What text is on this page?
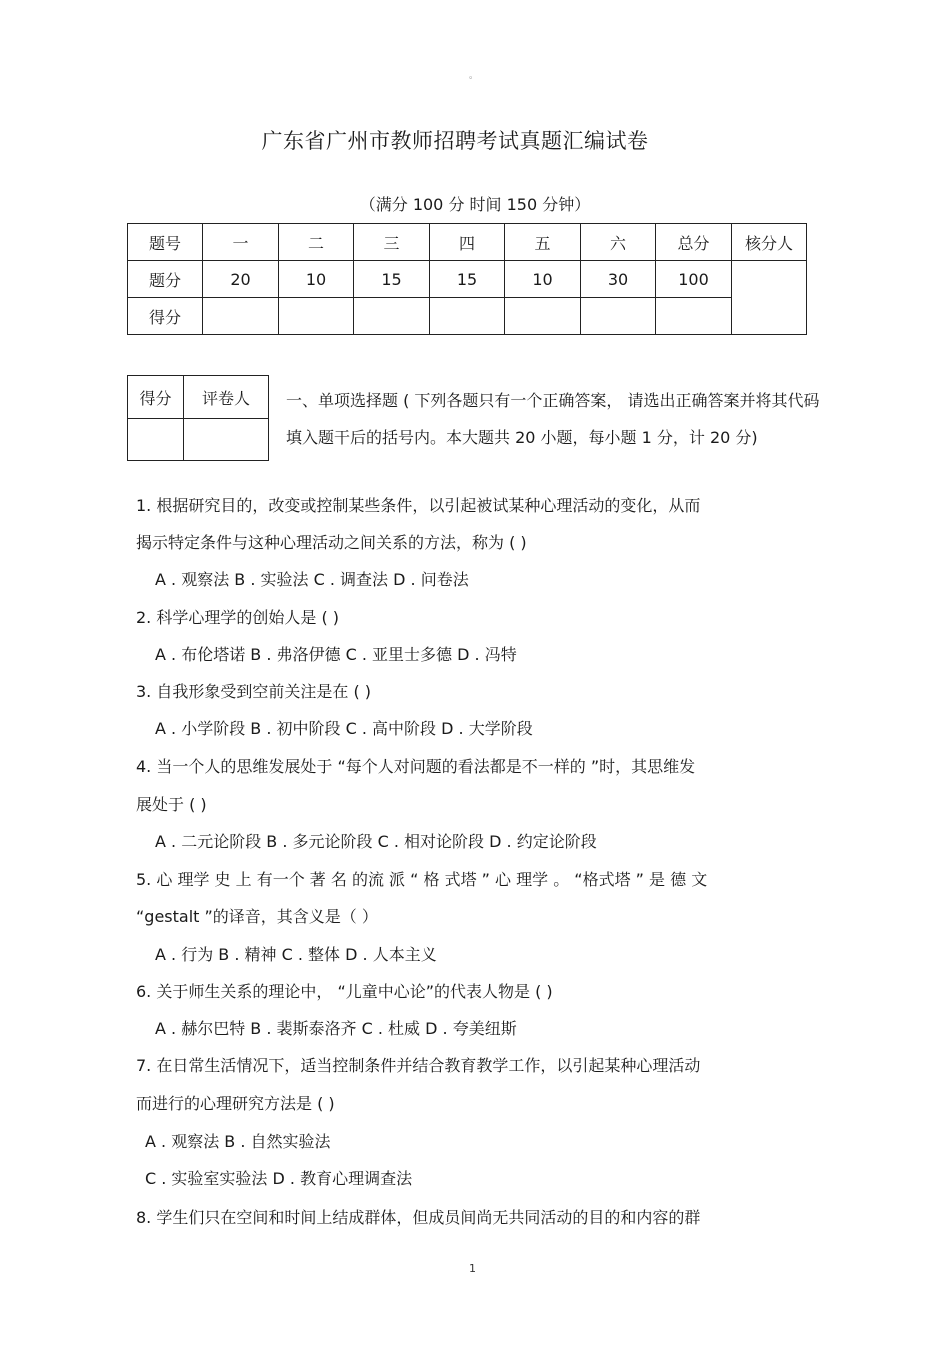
。
广东省广州市教师招聘考试真题汇编试卷
（满分 100 分 时间 150 分钟）
题号	一	二	三	四	五	六	总分	核分人
题分	20	10	15	15	10	30	100	
得分								
得分	评卷人
	一、单项选择题 ( 下列各题只有一个正确答案， 请选出正确答案并将其代码填入题干后的括号内。本大题共 20 小题，每小题 1 分，计 20 分)
1. 根据研究目的，改变或控制某些条件，以引起被试某种心理活动的变化，从而
揭示特定条件与这种心理活动之间关系的方法，称为 ( )
A . 观察法 B . 实验法 C . 调查法 D . 问卷法
2. 科学心理学的创始人是 ( )
A . 布伦塔诺 B . 弗洛伊德 C . 亚里士多德 D . 冯特
3. 自我形象受到空前关注是在 ( )
A . 小学阶段 B . 初中阶段 C . 高中阶段 D . 大学阶段
4. 当一个人的思维发展处于 “每个人对问题的看法都是不一样的 ”时，其思维发
展处于 ( )
A . 二元论阶段 B . 多元论阶段 C . 相对论阶段 D . 约定论阶段
5. 心 理学 史 上 有一个 著 名 的流 派 “ 格 式塔 ” 心 理学 。 “格式塔 ” 是 德 文
“gestalt ”的译音，其含义是（ ）
A . 行为 B . 精神 C . 整体 D . 人本主义
6. 关于师生关系的理论中， “儿童中心论”的代表人物是 ( )
A . 赫尔巴特 B . 裴斯泰洛齐 C . 杜威 D . 夸美纽斯
7. 在日常生活情况下，适当控制条件并结合教育教学工作，以引起某种心理活动
而进行的心理研究方法是 ( )
A . 观察法 B . 自然实验法
C . 实验室实验法 D . 教育心理调查法
8. 学生们只在空间和时间上结成群体，但成员间尚无共同活动的目的和内容的群
1
